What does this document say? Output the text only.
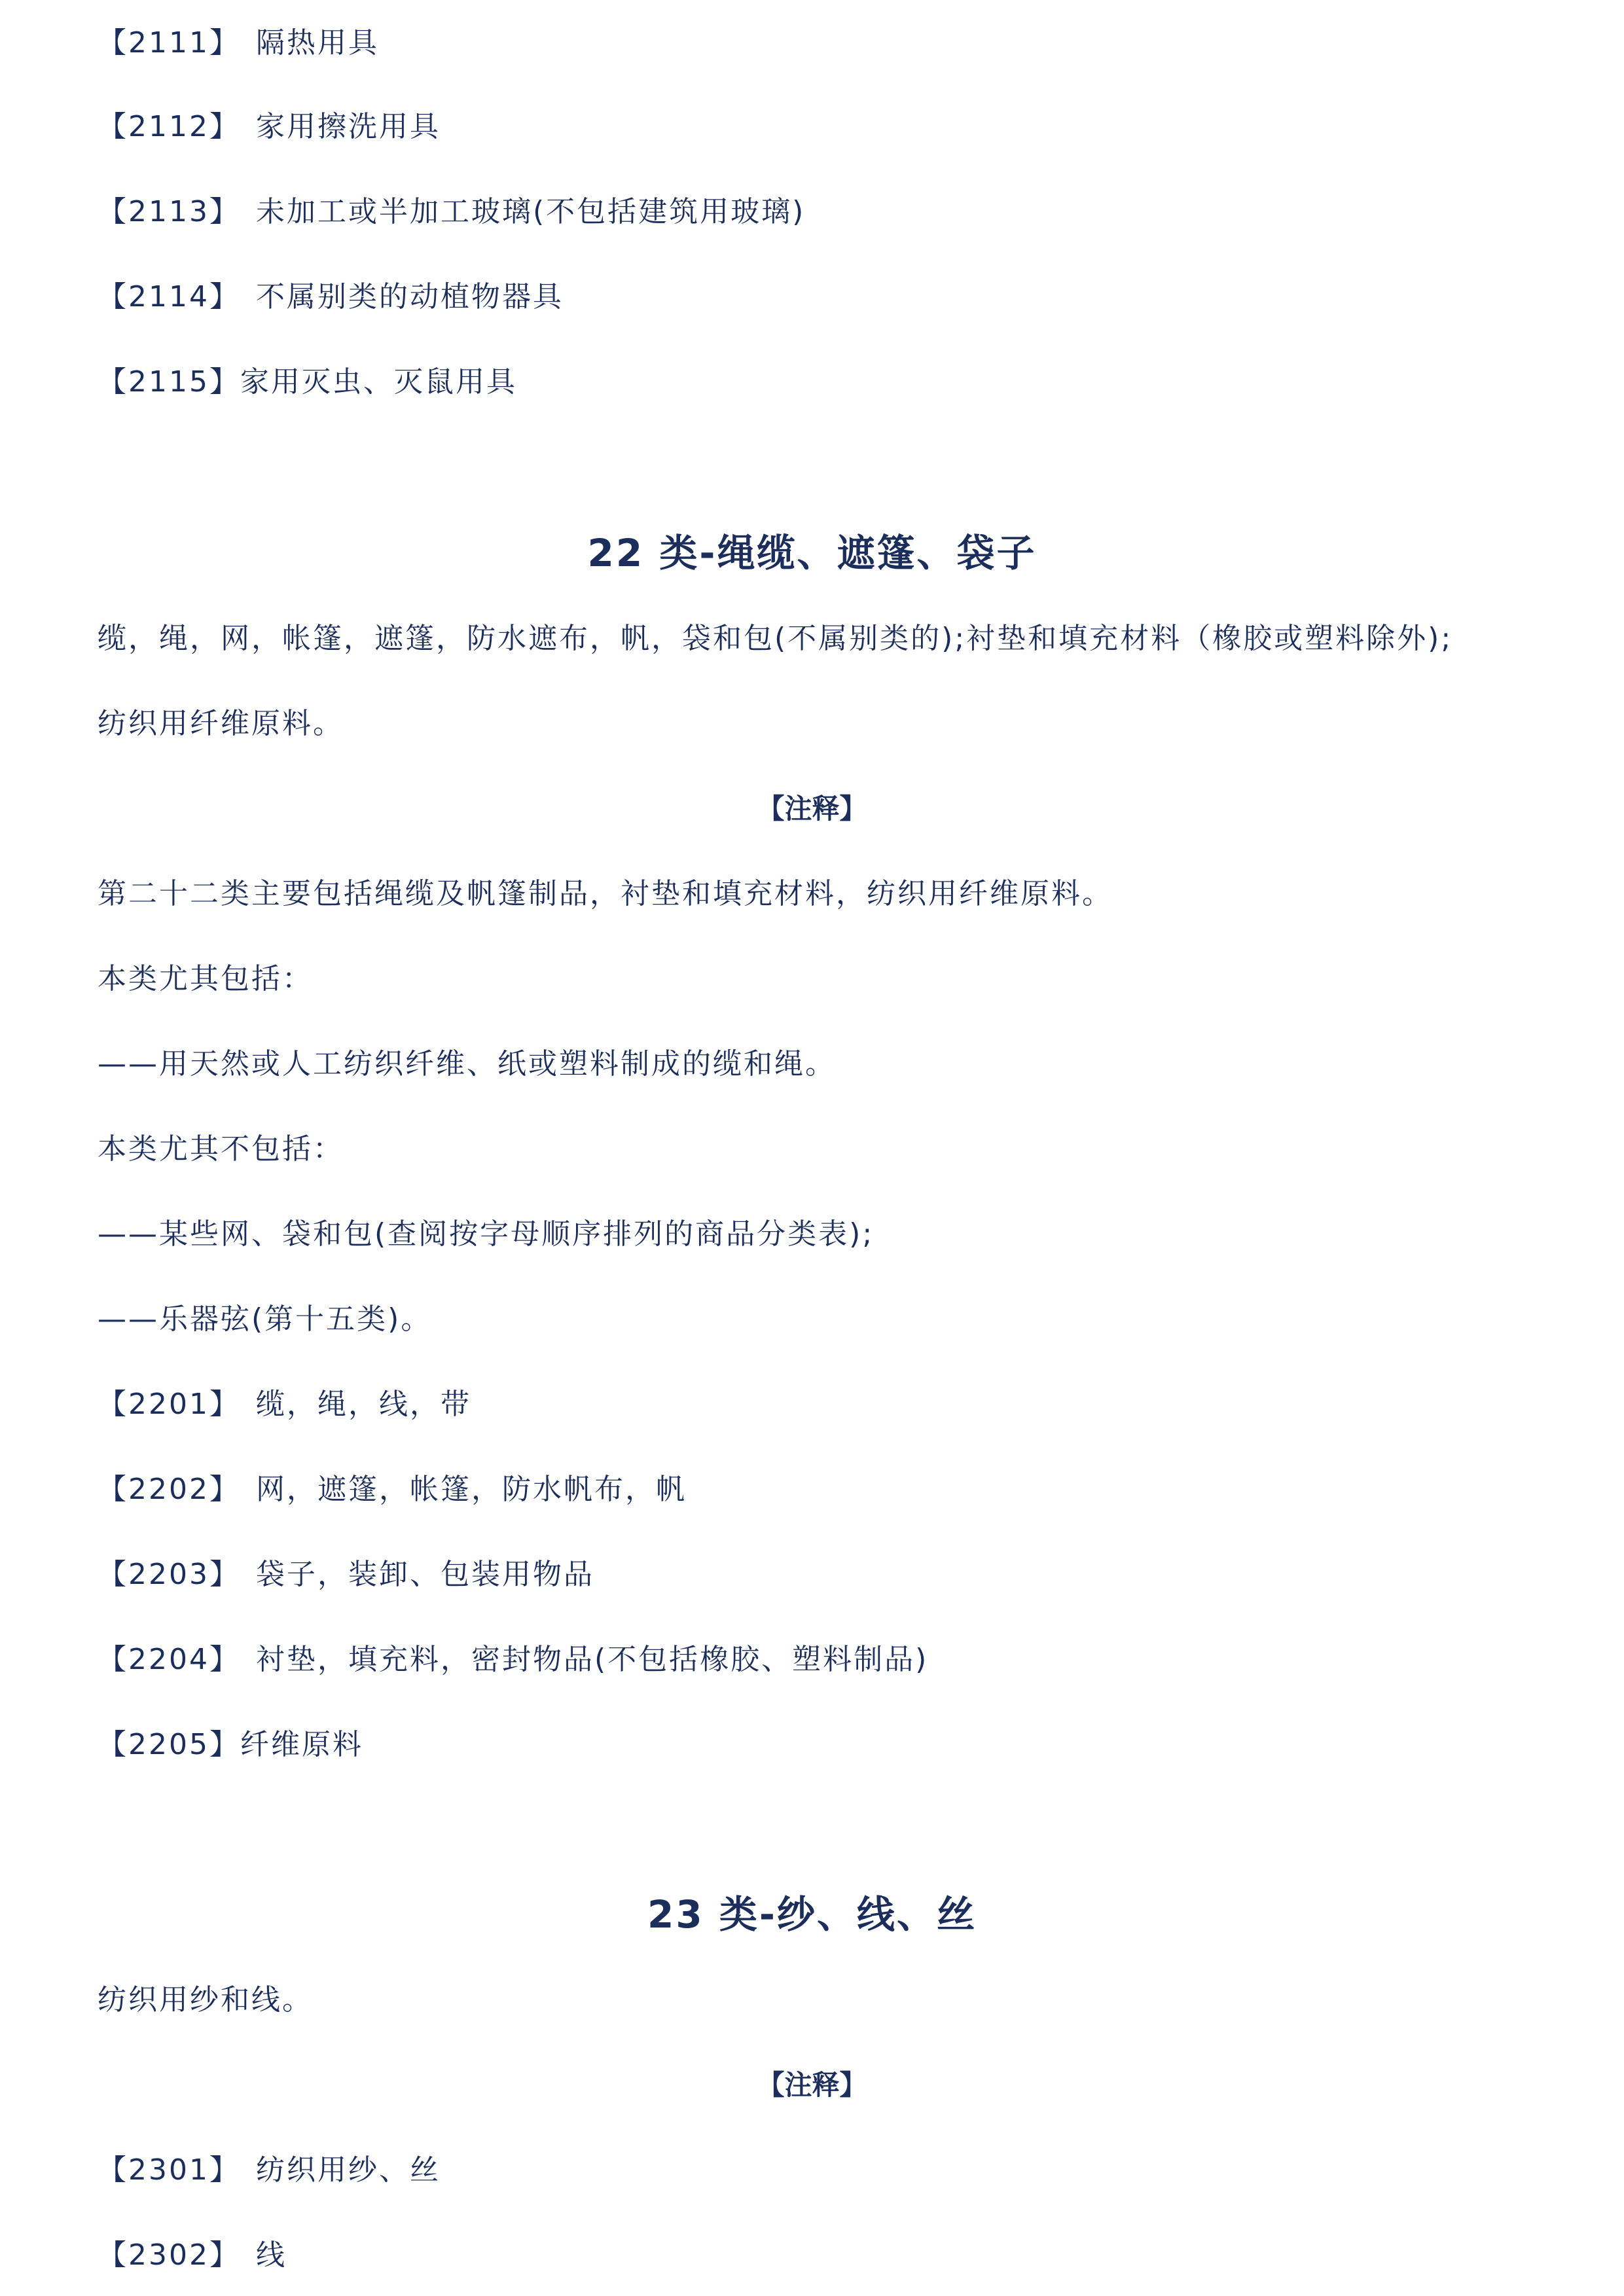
【2111】 隔热用具
【2112】 家用擦洗用具
【2113】 未加工或半加工玻璃(不包括建筑用玻璃)
【2114】 不属别类的动植物器具
【2115】家用灭虫、灭鼠用具
22 类-绳缆、遮篷、袋子
缆，绳，网，帐篷，遮篷，防水遮布，帆，袋和包(不属别类的);衬垫和填充材料（橡胶或塑料除外);
纺织用纤维原料。
【注释】
第二十二类主要包括绳缆及帆篷制品，衬垫和填充材料，纺织用纤维原料。
本类尤其包括：
——用天然或人工纺织纤维、纸或塑料制成的缆和绳。
本类尤其不包括：
——某些网、袋和包(查阅按字母顺序排列的商品分类表);
——乐器弦(第十五类)。
【2201】 缆，绳，线，带
【2202】 网，遮篷，帐篷，防水帆布，帆
【2203】 袋子，装卸、包装用物品
【2204】 衬垫，填充料，密封物品(不包括橡胶、塑料制品)
【2205】纤维原料
23 类-纱、线、丝
纺织用纱和线。
【注释】
【2301】 纺织用纱、丝
【2302】 线
